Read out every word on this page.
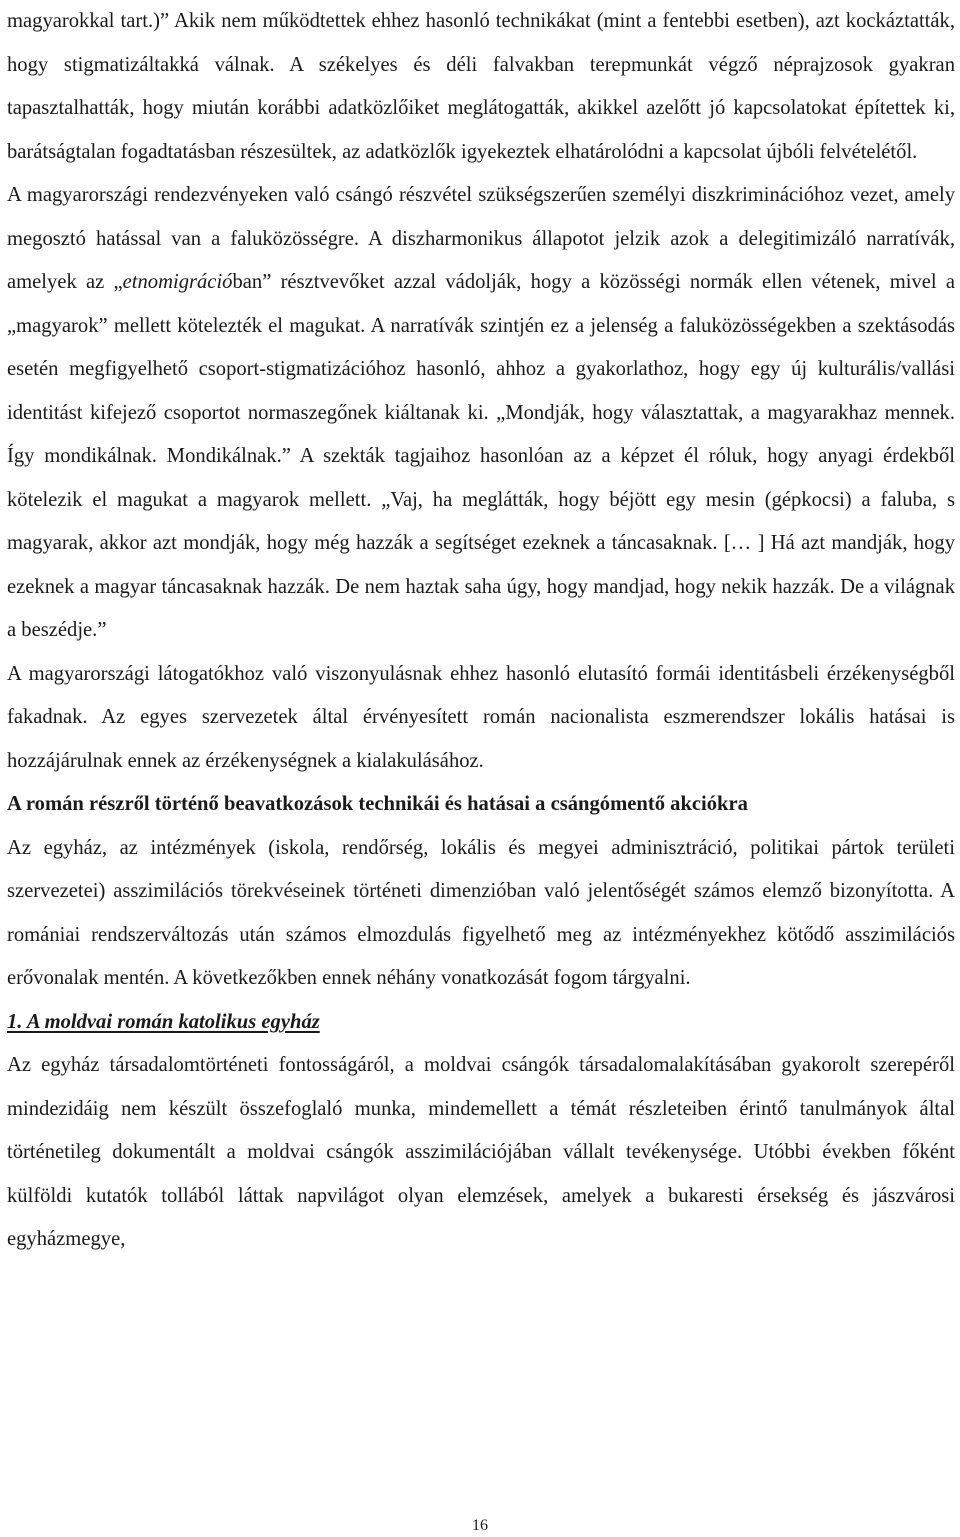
magyarokkal tart.)” Akik nem működtettek ehhez hasonló technikákat (mint a fentebbi esetben), azt kockáztatták, hogy stigmatizáltakká válnak. A székelyes és déli falvakban terepmunkát végző néprajzosok gyakran tapasztalhatták, hogy miután korábbi adatközlőiket meglátogatták, akikkel azelőtt jó kapcsolatokat építettek ki, barátságtalan fogadtatásban részesültek, az adatközlők igyekeztek elhatárolódni a kapcsolat újbóli felvételétől.

A magyarországi rendezvényeken való csángó részvétel szükségszerűen személyi diszkriminációhoz vezet, amely megosztó hatással van a faluközösségre. A diszharmonikus állapotot jelzik azok a delegitimizáló narratívák, amelyek az „etnomigrációban” résztvevőket azzal vádolják, hogy a közösségi normák ellen vétenek, mivel a „magyarok” mellett kötelezték el magukat. A narratívák szintjén ez a jelenség a faluközösségekben a szektásodás esetén megfigyelhető csoport-stigmatizációhoz hasonló, ahhoz a gyakorlathoz, hogy egy új kulturális/vallási identitást kifejező csoportot normaszegőnek kiáltanak ki. „Mondják, hogy választattak, a magyarakhaz mennek. Így mondikálnak. Mondikálnak.” A szekták tagjaihoz hasonlóan az a képzet él róluk, hogy anyagi érdekből kötelezik el magukat a magyarok mellett. „Vaj, ha meglátták, hogy béjött egy mesin (gépkocsi) a faluba, s magyarak, akkor azt mondják, hogy még hazzák a segítséget ezeknek a táncasaknak. [… ] Há azt mandják, hogy ezeknek a magyar táncasaknak hazzák. De nem haztak saha úgy, hogy mandjad, hogy nekik hazzák. De a világnak a beszédje.”

A magyarországi látogatókhoz való viszonyulásnak ehhez hasonló elutasító formái identitásbeli érzékenységből fakadnak. Az egyes szervezetek által érvényesített román nacionalista eszmerendszer lokális hatásai is hozzájárulnak ennek az érzékenységnek a kialakulásához.

A román részről történő beavatkozások technikái és hatásai a csángómentő akciókra

Az egyház, az intézmények (iskola, rendőrség, lokális és megyei adminisztráció, politikai pártok területi szervezetei) asszimilációs törekvéseinek történeti dimenzióban való jelentőségét számos elemző bizonyította. A romániai rendszerváltozás után számos elmozdulás figyelhető meg az intézményekhez kötődő asszimilációs erővonalak mentén. A következőkben ennek néhány vonatkozását fogom tárgyalni.

1. A moldvai román katolikus egyház

Az egyház társadalomtörténeti fontosságáról, a moldvai csángók társadalomalakításában gyakorolt szerepéről mindezidáig nem készült összefoglaló munka, mindemellett a témát részleteiben érintő tanulmányok által történetileg dokumentált a moldvai csángók asszimilációjában vállalt tevékenysége. Utóbbi években főként külföldi kutatók tollából láttak napvilágot olyan elemzések, amelyek a bukaresti érsekség és jászvárosi egyházmegye,

16
